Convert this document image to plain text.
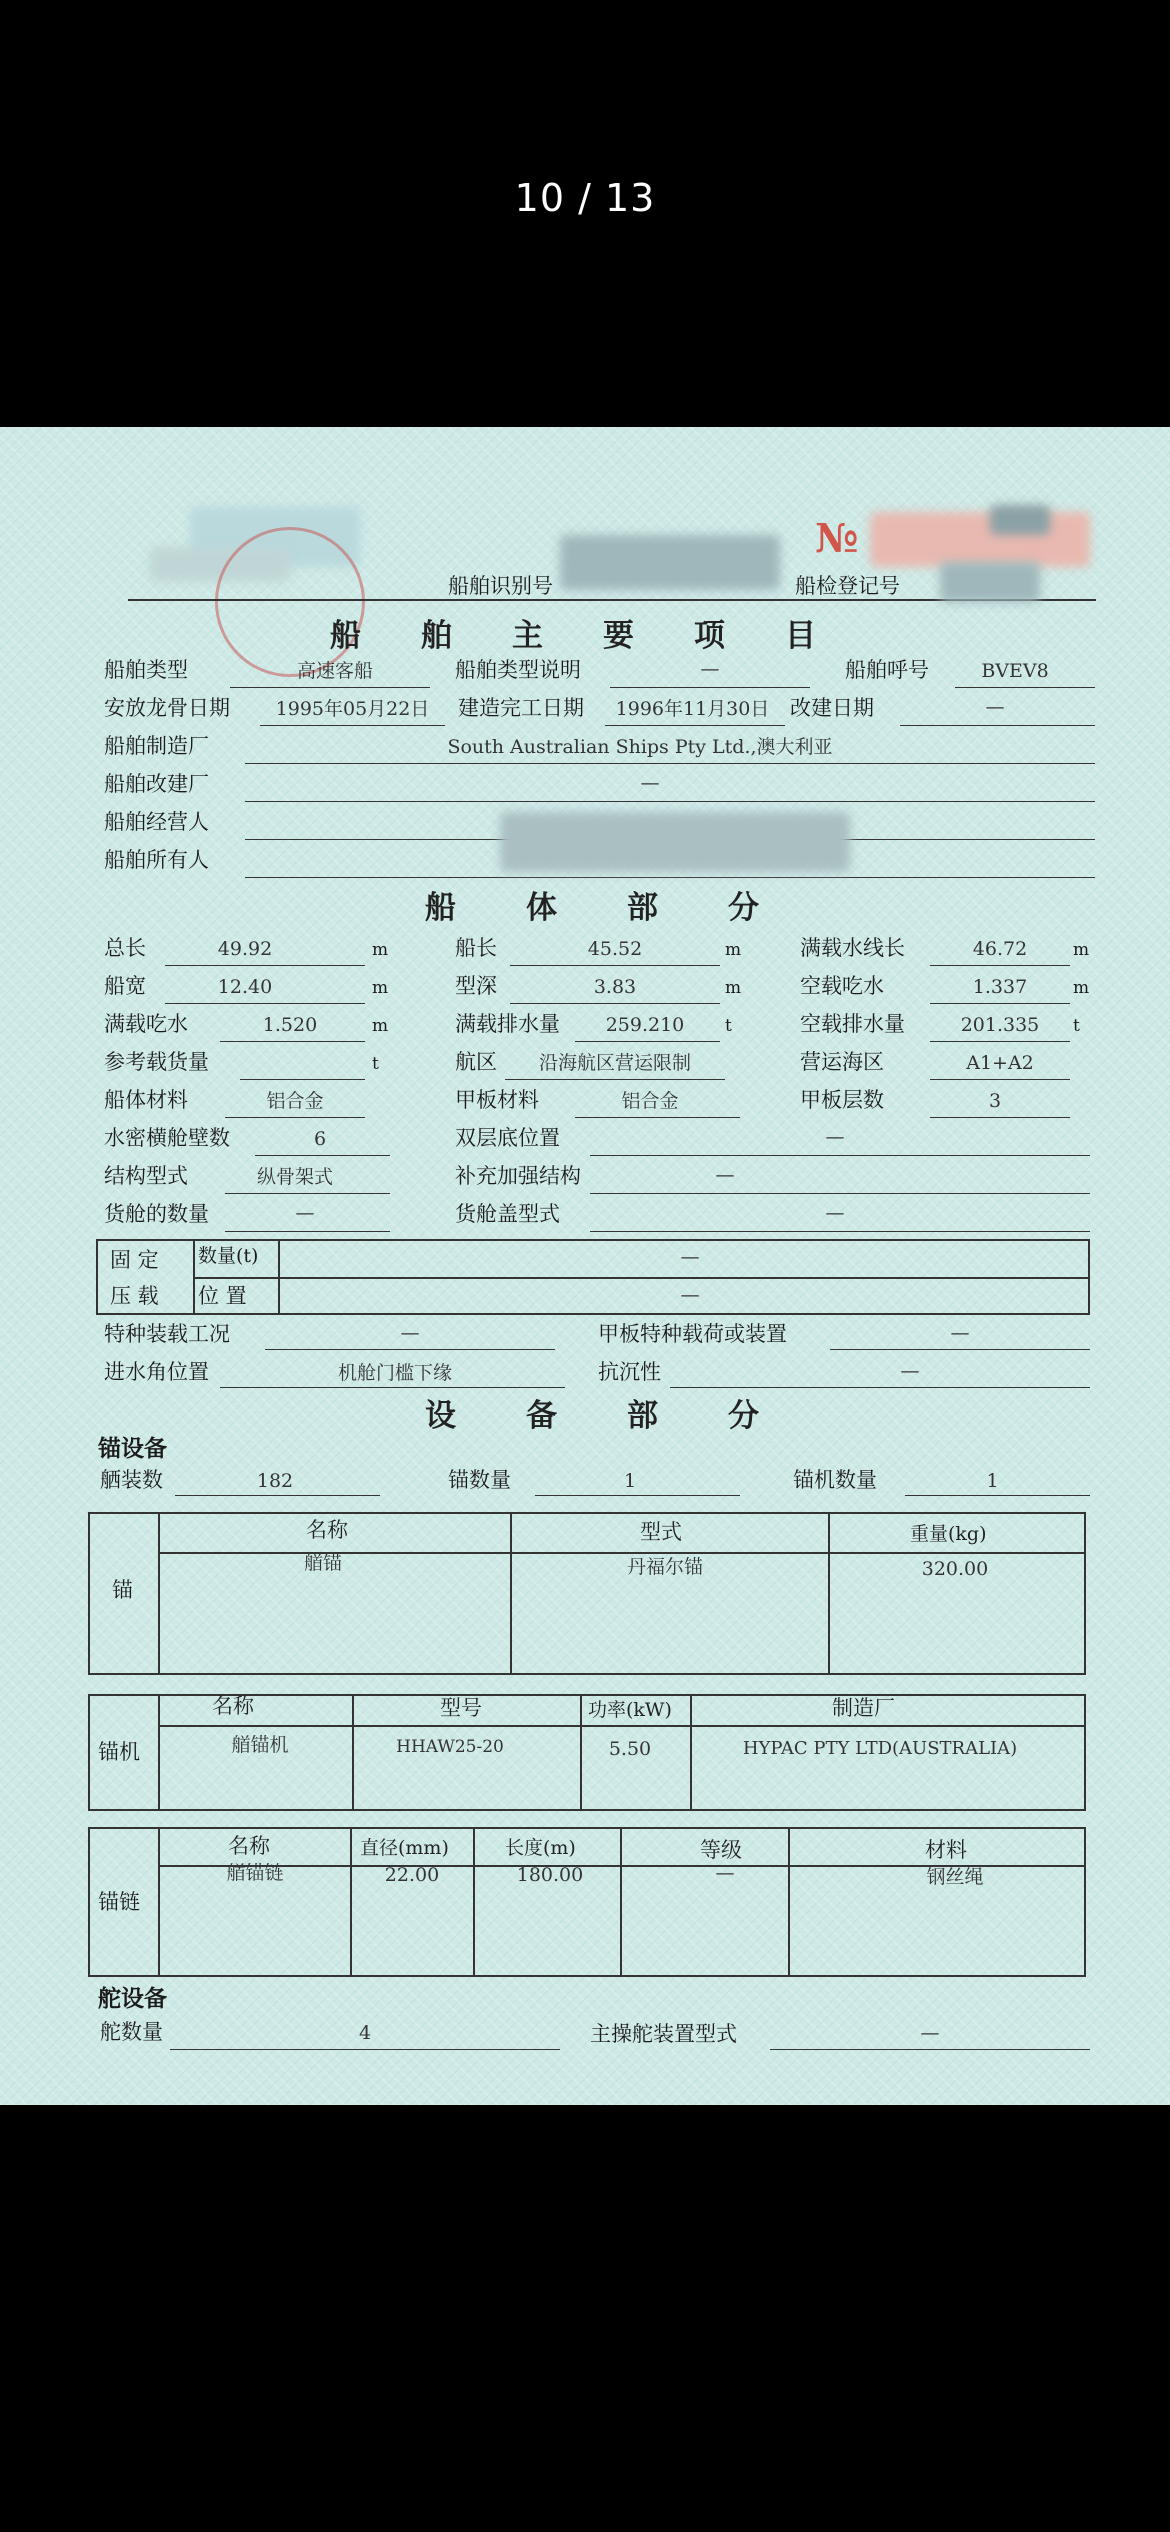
10 / 13
№
船舶识别号	船检登记号
船舶主要项目
船舶类型	高速客船	船舶类型说明	—	船舶呼号	BVEV8
安放龙骨日期	1995年05月22日	建造完工日期	1996年11月30日 改建日期	—
船舶制造厂	South Australian Ships Pty Ltd.,澳大利亚
船舶改建厂	—
船舶经营人
船舶所有人
船体部分
总长	49.92	m	船长	45.52	m	满载水线长	46.72	m
船宽	12.40	m	型深	3.83	m	空载吃水	1.337	m
满载吃水	1.520	m	满载排水量	259.210	t	空载排水量	201.335	t
参考载货量	t	航区	沿海航区营运限制	营运海区	A1+A2
船体材料	铝合金	甲板材料	铝合金	甲板层数	3
水密横舱壁数	6	双层底位置	—
结构型式	纵骨架式	补充加强结构	—
货舱的数量	—	货舱盖型式	—
固 定
压 载
数量(t)	—
位 置	—
特种装载工况	—	甲板特种载荷或装置	—
进水角位置	机舱门槛下缘	抗沉性	—
设备部分
锚设备
舾装数	182	锚数量	1	锚机数量	1
锚
名称	型式	重量(kg)
艏锚	丹福尔锚	320.00
锚机
名称	型号	功率(kW)	制造厂
艏锚机	HHAW25-20	5.50	HYPAC PTY LTD(AUSTRALIA)
锚链
名称	直径(mm)	长度(m)	等级	材料
艏锚链	22.00	180.00	—	钢丝绳
舵设备
舵数量	4	主操舵装置型式	—
